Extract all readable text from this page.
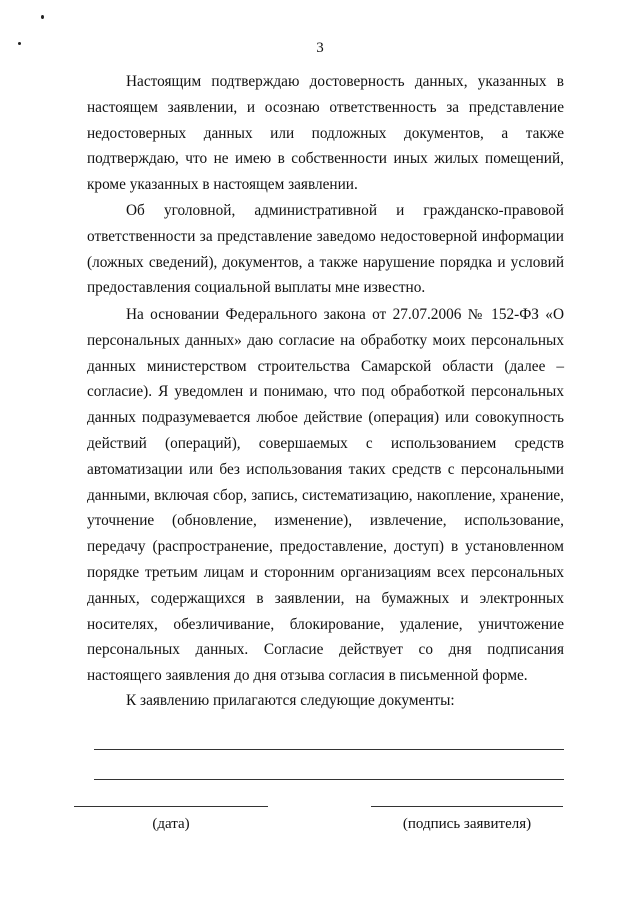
3

Настоящим подтверждаю достоверность данных, указанных в настоящем заявлении, и осознаю ответственность за представление недостоверных данных или подложных документов, а также подтверждаю, что не имею в собственности иных жилых помещений, кроме указанных в настоящем заявлении.

Об уголовной, административной и гражданско-правовой ответственности за представление заведомо недостоверной информации (ложных сведений), документов, а также нарушение порядка и условий предоставления социальной выплаты мне известно.

На основании Федерального закона от 27.07.2006 № 152-ФЗ «О персональных данных» даю согласие на обработку моих персональных данных министерством строительства Самарской области (далее – согласие). Я уведомлен и понимаю, что под обработкой персональных данных подразумевается любое действие (операция) или совокупность действий (операций), совершаемых с использованием средств автоматизации или без использования таких средств с персональными данными, включая сбор, запись, систематизацию, накопление, хранение, уточнение (обновление, изменение), извлечение, использование, передачу (распространение, предоставление, доступ) в установленном порядке третьим лицам и сторонним организациям всех персональных данных, содержащихся в заявлении, на бумажных и электронных носителях, обезличивание, блокирование, удаление, уничтожение персональных данных. Согласие действует со дня подписания настоящего заявления до дня отзыва согласия в письменной форме.

К заявлению прилагаются следующие документы:

(дата)	(подпись заявителя)
